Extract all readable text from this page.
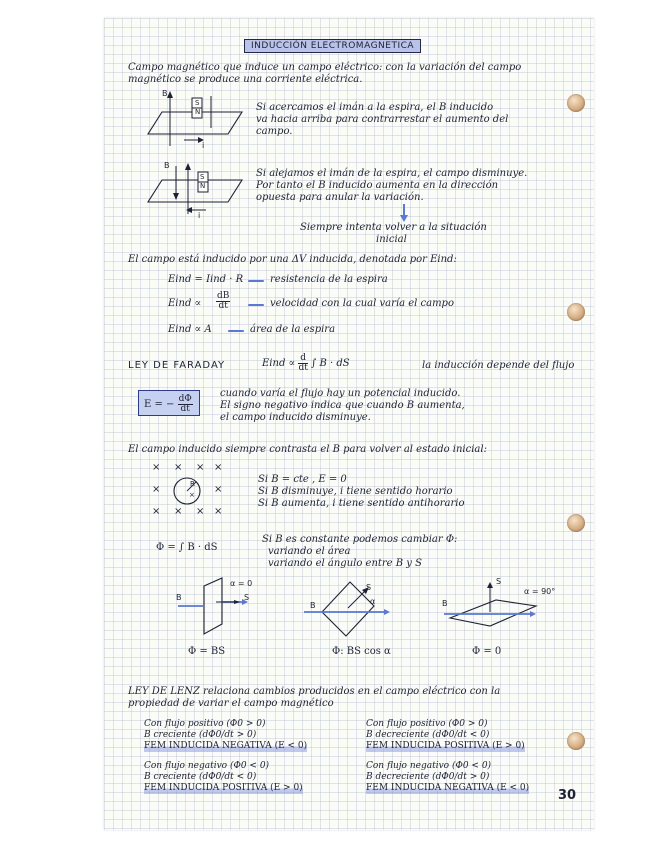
INDUCCIÓN ELECTROMAGNETICA
Campo magnético que induce un campo eléctrico: con la variación del campo
magnético se produce una corriente eléctrica.
B
S
N
i
Si acercamos el imán a la espira, el B inducido
va hacia arriba para contrarrestar el aumento del
campo.
B
S
N
i
Si alejamos el imán de la espira, el campo disminuye.
Por tanto el B inducido aumenta en la dirección
opuesta para anular la variación.
Siempre intenta volver a la situación
inicial
El campo está inducido por una ΔV inducida, denotada por Eind:
Eind = Iind · R	resistencia de la espira
Eind ∝ $\frac{dB}{dt}$	velocidad con la cual varía el campo
Eind ∝ A	área de la espira
LEY DE FARADAY	Eind ∝ $\frac{d}{dt}$ ∫ B · dS	la inducción depende del flujo
E = − $\frac{d\Phi}{dt}$
cuando varía el flujo hay un potencial inducido.
El signo negativo indica que cuando B aumenta,
el campo inducido disminuye.
El campo inducido siempre contrasta el B para volver al estado inicial:
× × × ×
×	×
× × × ×
×
R	Si B = cte , E = 0
Si B disminuye, i tiene sentido horario
Si B aumenta, i tiene sentido antihorario
Φ = ∫ B · dS
Si B es constante podemos cambiar Φ:
variando el área
variando el ángulo entre B y S
α = 0
B	S
Φ = BS
α
B
S
Φ: BS cos α
α = 90°
B
S
Φ = 0
LEY DE LENZ relaciona cambios producidos en el campo eléctrico con la
propiedad de variar el campo magnético
Con flujo positivo (Φ0 > 0)
B creciente (dΦ0/dt > 0)
FEM INDUCIDA NEGATIVA (E < 0)
Con flujo positivo (Φ0 > 0)
B decreciente (dΦ0/dt < 0)
FEM INDUCIDA POSITIVA (E > 0)
Con flujo negativo (Φ0 < 0)
B creciente (dΦ0/dt < 0)
FEM INDUCIDA POSITIVA (E > 0)
Con flujo negativo (Φ0 < 0)
B decreciente (dΦ0/dt > 0)
FEM INDUCIDA NEGATIVA (E < 0) 30
